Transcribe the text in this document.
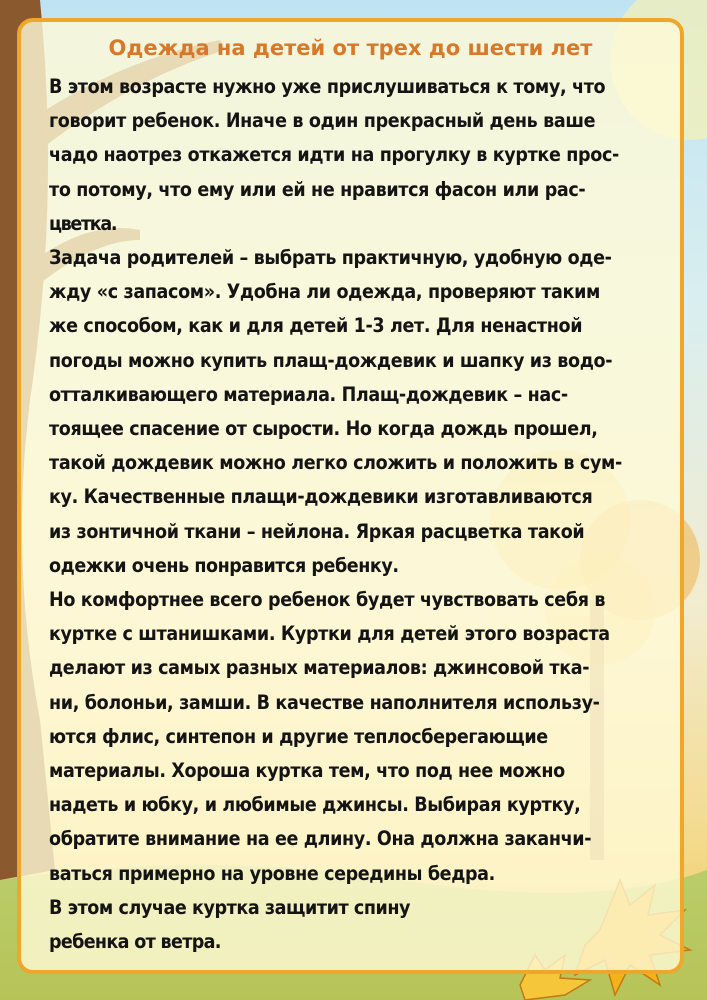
Одежда на детей от трех до шести лет
В этом возрасте нужно уже прислушиваться к тому, что
говорит ребенок. Иначе в один прекрасный день ваше
чадо наотрез откажется идти на прогулку в куртке прос-
то потому, что ему или ей не нравится фасон или рас-
цветка.
Задача родителей – выбрать практичную, удобную оде-
жду «с запасом». Удобна ли одежда, проверяют таким
же способом, как и для детей 1-3 лет. Для ненастной
погоды можно купить плащ-дождевик и шапку из водо-
отталкивающего материала. Плащ-дождевик – нас-
тоящее спасение от сырости. Но когда дождь прошел,
такой дождевик можно легко сложить и положить в сум-
ку. Качественные плащи-дождевики изготавливаются
из зонтичной ткани – нейлона. Яркая расцветка такой
одежки очень понравится ребенку.
Но комфортнее всего ребенок будет чувствовать себя в
куртке с штанишками. Куртки для детей этого возраста
делают из самых разных материалов: джинсовой тка-
ни, болоньи, замши. В качестве наполнителя использу-
ются флис, синтепон и другие теплосберегающие
материалы. Хороша куртка тем, что под нее можно
надеть и юбку, и любимые джинсы. Выбирая куртку,
обратите внимание на ее длину. Она должна заканчи-
ваться примерно на уровне середины бедра.
В этом случае куртка защитит спину
ребенка от ветра.
